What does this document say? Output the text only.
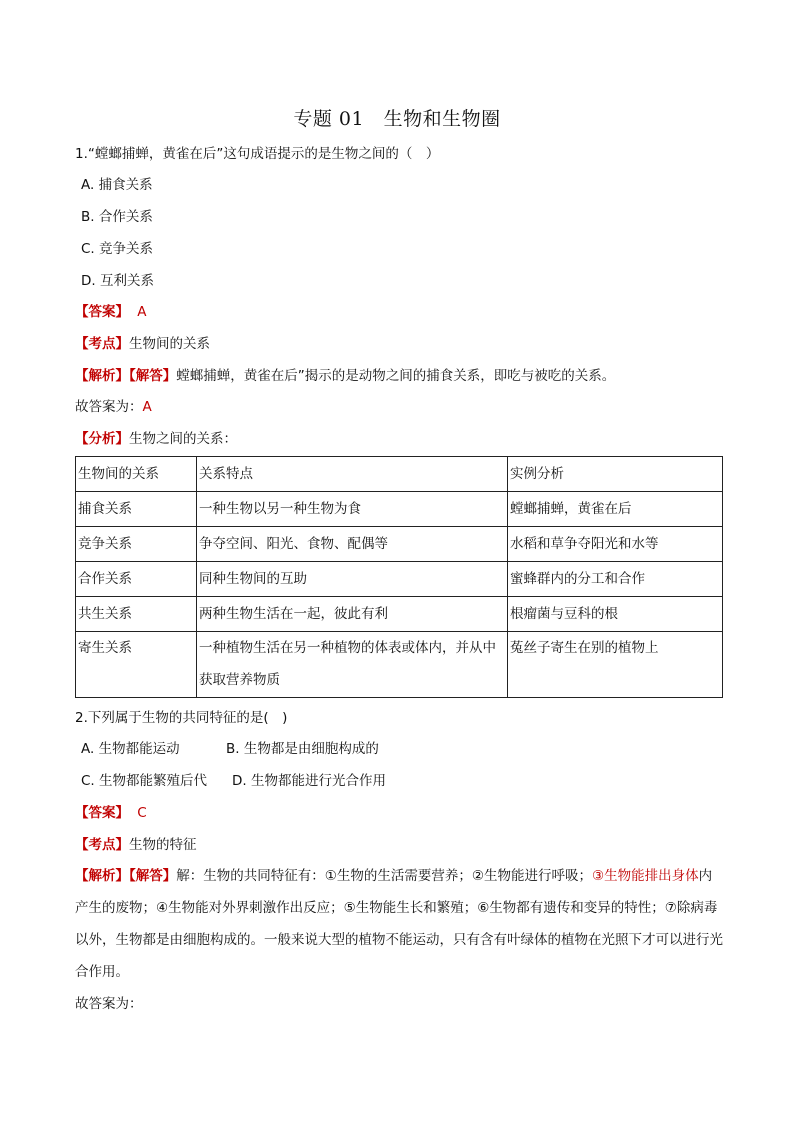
专题 01　生物和生物圈
1.“螳螂捕蝉，黄雀在后”这句成语提示的是生物之间的（　）
A. 捕食关系
B. 合作关系
C. 竞争关系
D. 互利关系
【答案】 A
【考点】生物间的关系
【解析】【解答】螳螂捕蝉，黄雀在后”揭示的是动物之间的捕食关系，即吃与被吃的关系。
故答案为：A
【分析】生物之间的关系：
生物间的关系	关系特点	实例分析
捕食关系	一种生物以另一种生物为食	螳螂捕蝉，黄雀在后
竞争关系	争夺空间、阳光、食物、配偶等	水稻和草争夺阳光和水等
合作关系	同种生物间的互助	蜜蜂群内的分工和合作
共生关系	两种生物生活在一起，彼此有利	根瘤菌与豆科的根
寄生关系	一种植物生活在另一种植物的体表或体内，并从中获取营养物质	菟丝子寄生在别的植物上
2.下列属于生物的共同特征的是(　)
A. 生物都能运动	B. 生物都是由细胞构成的
C. 生物都能繁殖后代 D. 生物都能进行光合作用
【答案】 C
【考点】生物的特征
【解析】【解答】解：生物的共同特征有：①生物的生活需要营养；②生物能进行呼吸；③生物能排出身体内产生的废物；④生物能对外界刺激作出反应；⑤生物能生长和繁殖；⑥生物都有遗传和变异的特性；⑦除病毒以外，生物都是由细胞构成的。一般来说大型的植物不能运动，只有含有叶绿体的植物在光照下才可以进行光合作用。
故答案为：
